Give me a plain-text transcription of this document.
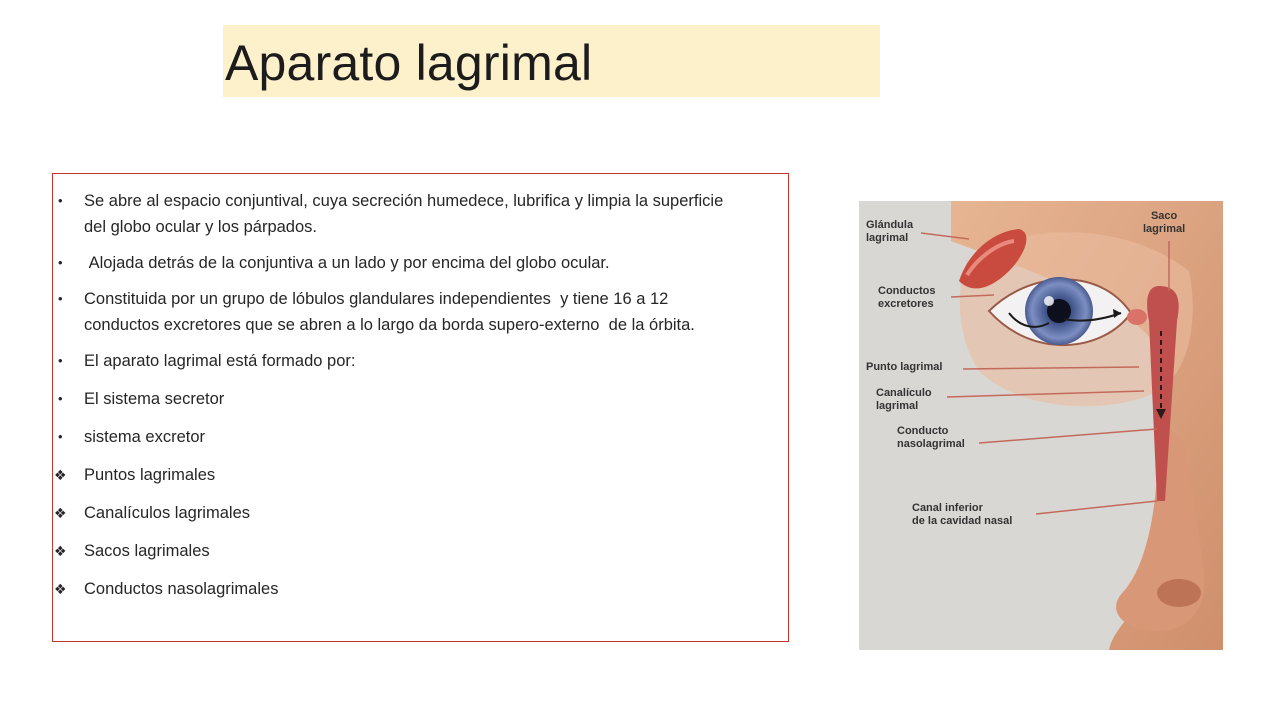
Aparato lagrimal
•	Se abre al espacio conjuntival, cuya secreción humedece, lubrifica y limpia la superficie del globo ocular y los párpados.
•	Alojada detrás de la conjuntiva a un lado y por encima del globo ocular.
•	Constituida por un grupo de lóbulos glandulares independientes  y tiene 16 a 12 conductos excretores que se abren a lo largo da borda supero-externo  de la órbita.
•	El aparato lagrimal está formado por:
•	El sistema secretor
•	sistema excretor
❖ Puntos lagrimales
❖ Canalículos lagrimales
❖ Sacos lagrimales
❖ Conductos nasolagrimales
Glándula
lagrimal
Saco
lagrimal
Conductos
excretores
Punto lagrimal
Canalículo
lagrimal
Conducto
nasolagrimal
Canal inferior
de la cavidad nasal
